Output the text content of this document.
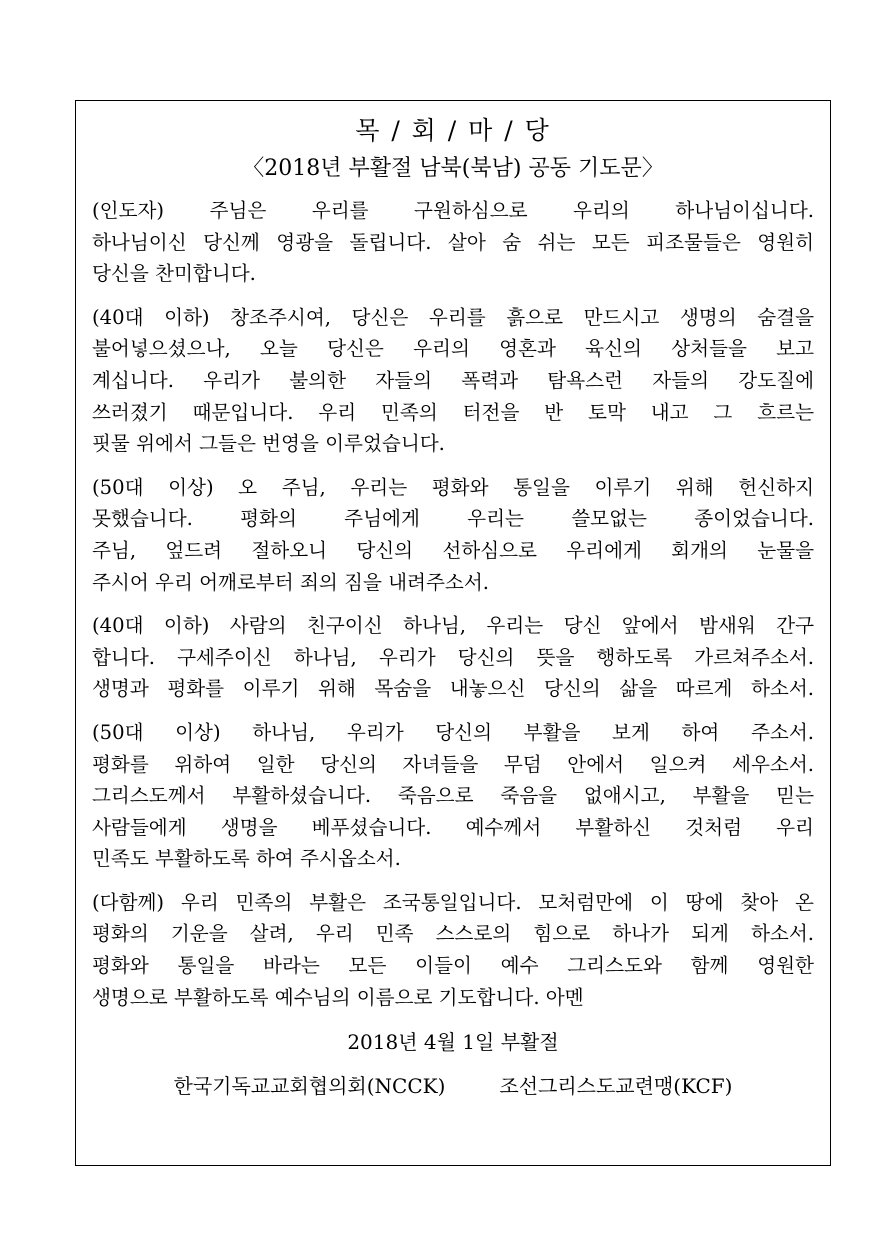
목 / 회 / 마 / 당
〈2018년 부활절 남북(북남) 공동 기도문〉
(인도자) 주님은 우리를 구원하심으로 우리의 하나님이십니다.
하나님이신 당신께 영광을 돌립니다. 살아 숨 쉬는 모든 피조물들은 영원히
당신을 찬미합니다.
(40대 이하) 창조주시여, 당신은 우리를 흙으로 만드시고 생명의 숨결을
불어넣으셨으나, 오늘 당신은 우리의 영혼과 육신의 상처들을 보고
계십니다. 우리가 불의한 자들의 폭력과 탐욕스런 자들의 강도질에
쓰러졌기 때문입니다. 우리 민족의 터전을 반 토막 내고 그 흐르는
핏물 위에서 그들은 번영을 이루었습니다.
(50대 이상) 오 주님, 우리는 평화와 통일을 이루기 위해 헌신하지
못했습니다. 평화의 주님에게 우리는 쓸모없는 종이었습니다.
주님, 엎드려 절하오니 당신의 선하심으로 우리에게 회개의 눈물을
주시어 우리 어깨로부터 죄의 짐을 내려주소서.
(40대 이하) 사람의 친구이신 하나님, 우리는 당신 앞에서 밤새워 간구
합니다. 구세주이신 하나님, 우리가 당신의 뜻을 행하도록 가르쳐주소서.
생명과 평화를 이루기 위해 목숨을 내놓으신 당신의 삶을 따르게 하소서.
(50대 이상) 하나님, 우리가 당신의 부활을 보게 하여 주소서.
평화를 위하여 일한 당신의 자녀들을 무덤 안에서 일으켜 세우소서.
그리스도께서 부활하셨습니다. 죽음으로 죽음을 없애시고, 부활을 믿는
사람들에게 생명을 베푸셨습니다. 예수께서 부활하신 것처럼 우리
민족도 부활하도록 하여 주시옵소서.
(다함께) 우리 민족의 부활은 조국통일입니다. 모처럼만에 이 땅에 찾아 온
평화의 기운을 살려, 우리 민족 스스로의 힘으로 하나가 되게 하소서.
평화와 통일을 바라는 모든 이들이 예수 그리스도와 함께 영원한
생명으로 부활하도록 예수님의 이름으로 기도합니다. 아멘
2018년 4월 1일 부활절
한국기독교교회협의회(NCCK)	조선그리스도교련맹(KCF)
